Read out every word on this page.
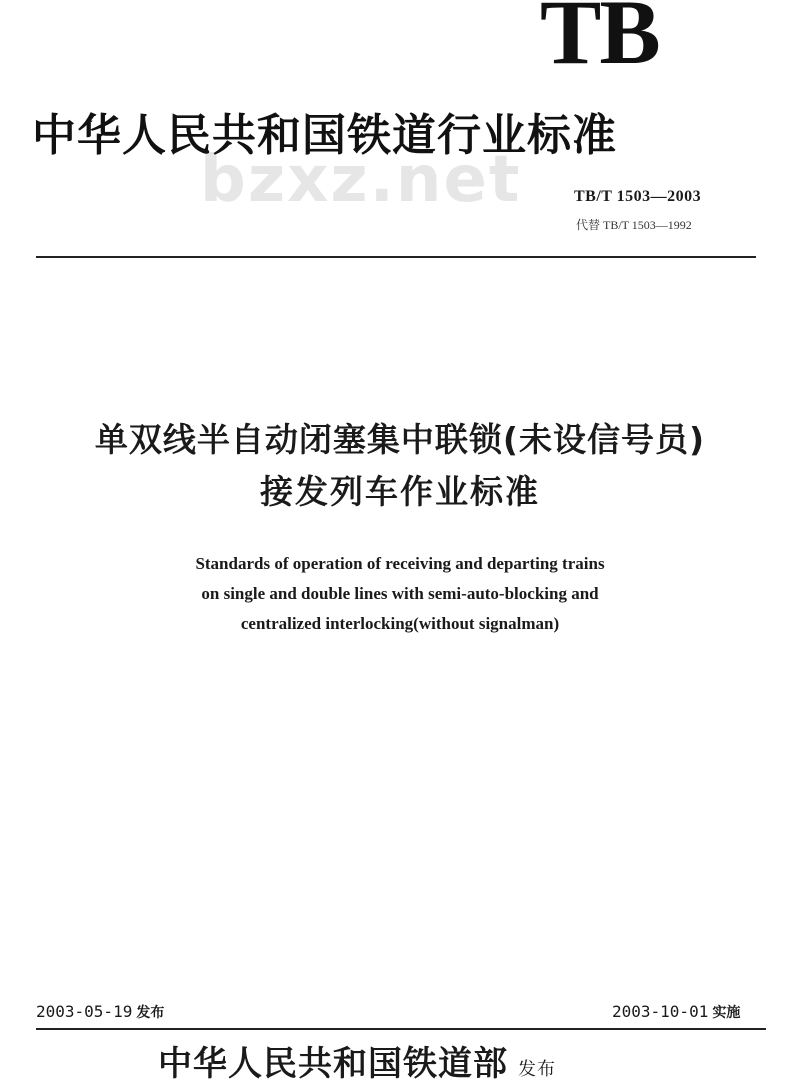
TB
bzxz.net
中华人民共和国铁道行业标准
TB/T 1503—2003
代替 TB/T 1503—1992
单双线半自动闭塞集中联锁(未设信号员)
接发列车作业标准
Standards of operation of receiving and departing trains
on single and double lines with semi-auto-blocking and
centralized interlocking(without signalman)
2003-05-19 发布	2003-10-01 实施
中华人民共和国铁道部 发布
